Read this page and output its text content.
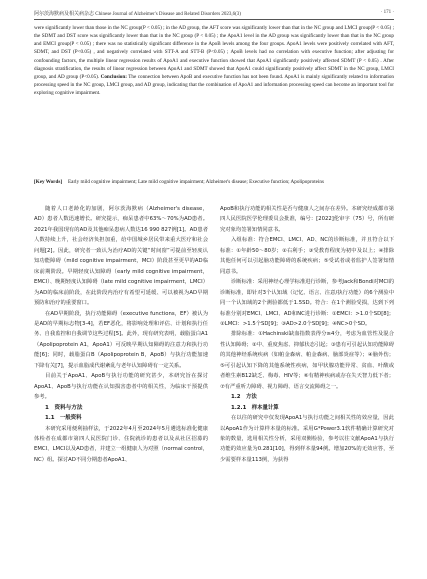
阿尔茨海默病及相关病杂志 Chinese Journal of Alzheimer's Disease and Related Disorders 2023,6(3)	· 171 ·

were significantly lower than those in the NC group(P < 0.05) ; in the AD group, the AFT score was significantly lower than that in the NC group and LMCI group(P < 0.05) ; the SDMT and DST score was significantly lower than that in the NC group (P < 0.05) ; the ApoA1 level in the AD group was significantly lower than that in the NC group and EMCI group(P < 0.05) ; there was no statistically significant difference in the ApoB levels among the four groups. ApoA1 levels were positively correlated with AFT, SDMT, and DST (P<0.05) , and negatively correlated with STT-A and STT-B (P<0.05) ; ApoB levels had no correlation with executive function; after adjusting for confounding factors, the multiple linear regression results of ApoA1 and executive function showed that ApoA1 significantly positively affected SDMT (P < 0.05) . After diagnosis stratification, the results of linear regression between ApoA1 and SDMT showed that ApoA1 could significantly positively affect SDMT in the NC group, LMCI group, and AD group (P<0.05). Conclusion: The connection between ApoB and executive function has not been found. ApoA1 is mainly significantly related to information processing speed in the NC group, LMCI group, and AD group, indicating that the combination of ApoA1 and information processing speed can become an important tool for exploring cognitive impairment.

[Key Words] Early mild cognitive impairment; Late mild cognitive impairment; Alzheimer's disease; Executive function; Apolipoproteins

随着人口老龄化的加剧，阿尔茨海默病（Alzheimer's disease，AD）患者人数迅速增长。研究提示，痴呆患者中63%～70%为AD患者。2021年我国现有的AD及其他痴呆患病人数达16 990 827例[1]。AD患者人数持续上升，社会经济负担加重，给中国城乡居民带来重大医疗和社会问题[2]。因此，研究者一致认为治疗AD的关键“时间窗”可提前至轻度认知功能障碍（mild cognitive impairment，MCI）阶段甚至更早的AD临床前期阶段。早期轻度认知障碍（early mild cognitive impairment，EMCI）、晚期轻度认知障碍（late mild cognitive impairment，LMCI）为AD的临床前阶段，在此阶段内治疗有希望可延缓、可以被视为AD早期预防和治疗的重要窗口。

在AD早期阶段，执行功能障碍（executive functions，EF）被认为是AD的早期标志物[3-4]，若EF恶化，将影响处理和评估、计划和执行任务、自我监控和自我调节这些过程[5]。此外，现有研究表明，载脂蛋白A1（Apolipoprotein A1，ApoA1）可反映早期认知障碍的注意力和执行功能[6]；同时，载脂蛋白B（Apolipoprotein B，ApoB）与执行功能加速下降有关[7]，提示血脂成代谢紊乱与老年认知障碍有一定关系。

目前关于ApoA1、ApoB与执行功能的研究甚少，本研究旨在探讨ApoA1、ApoB与执行功能在认知损害患者中的相关性，为临床干预提供参考。

1　资料与方法

1.1　一般资料

本研究采用便利抽样法，于2022年4月至2024年5月遴选标准化健康体检者在成都市第四人民医院门诊、住院就诊的患者以及从社区招募的EMCI、LMCI以及AD患者，并建立一组健康人为对照（normal control，NC）组。探讨AD不同分期患者ApoA1、

ApoB和执行功能的相关性是否与健康人之间存在差异。本研究经成都市第四人民医院医学伦理委员会批准，编号：[2022]伦审字（75）号，所有研究对象均签署知情同意书。

入组标准：符合EMCI、LMCI、AD、NC的诊断标准，并且符合以下标准：①年龄50～80岁；②右利手；③受教育程度为初中及以上；④排除其他任何可以引起脑功能障碍的系统疾病；⑤受试者或者监护人签署知情同意书。

诊断标准：采用神经心理学标准进行诊断，参考Jack和Bondi对MCI的诊断标准，即针对3个认知域（记忆、语言、注意/执行功能）的6个测验中同一个认知域的2个测验都低于1.5SD。符合：在1个测验受损，达到下列标准分别对EMCI、LMCI、AD和NC进行诊断：①EMCI：>1.0个SD[8]；②LMCI：>1.5个SD[9]；③AD>2.0个SD[9]；④NC>0个SD。

排除标准：①Hachinski缺血指数表得分≥4分，考虑为血管性及混合性认知障碍；②中、重度焦虑、抑郁状态引起；③患有可引起认知功能障碍的其他神经系统疾病（如帕金森病、帕金森病、脑部炎症等）；④脑外伤；⑤可引起认知下降的其他系统性疾病，如甲状腺功能异常、贫血、叶酸或者维生素B12缺乏、梅毒、HIV等；⑥有精神疾病或存在失天智力低下者；⑦有严重听力障碍、视力障碍、语言交流障碍之一。

1.2　方法

1.2.1　样本量计算

在以往的研究中仅发现ApoA1与执行功能之间相关性的效应量，因此以ApoA1作为计算样本量的标准。采用G*Power3.1软件精确计算研究对象的数量，选用相关性分析，采用双侧检验，参考以往文献ApoA1与执行功能的效应量为0.281[10]，得到样本量94例。增加20%的无效应答，至少需要样本量113例，为获得
